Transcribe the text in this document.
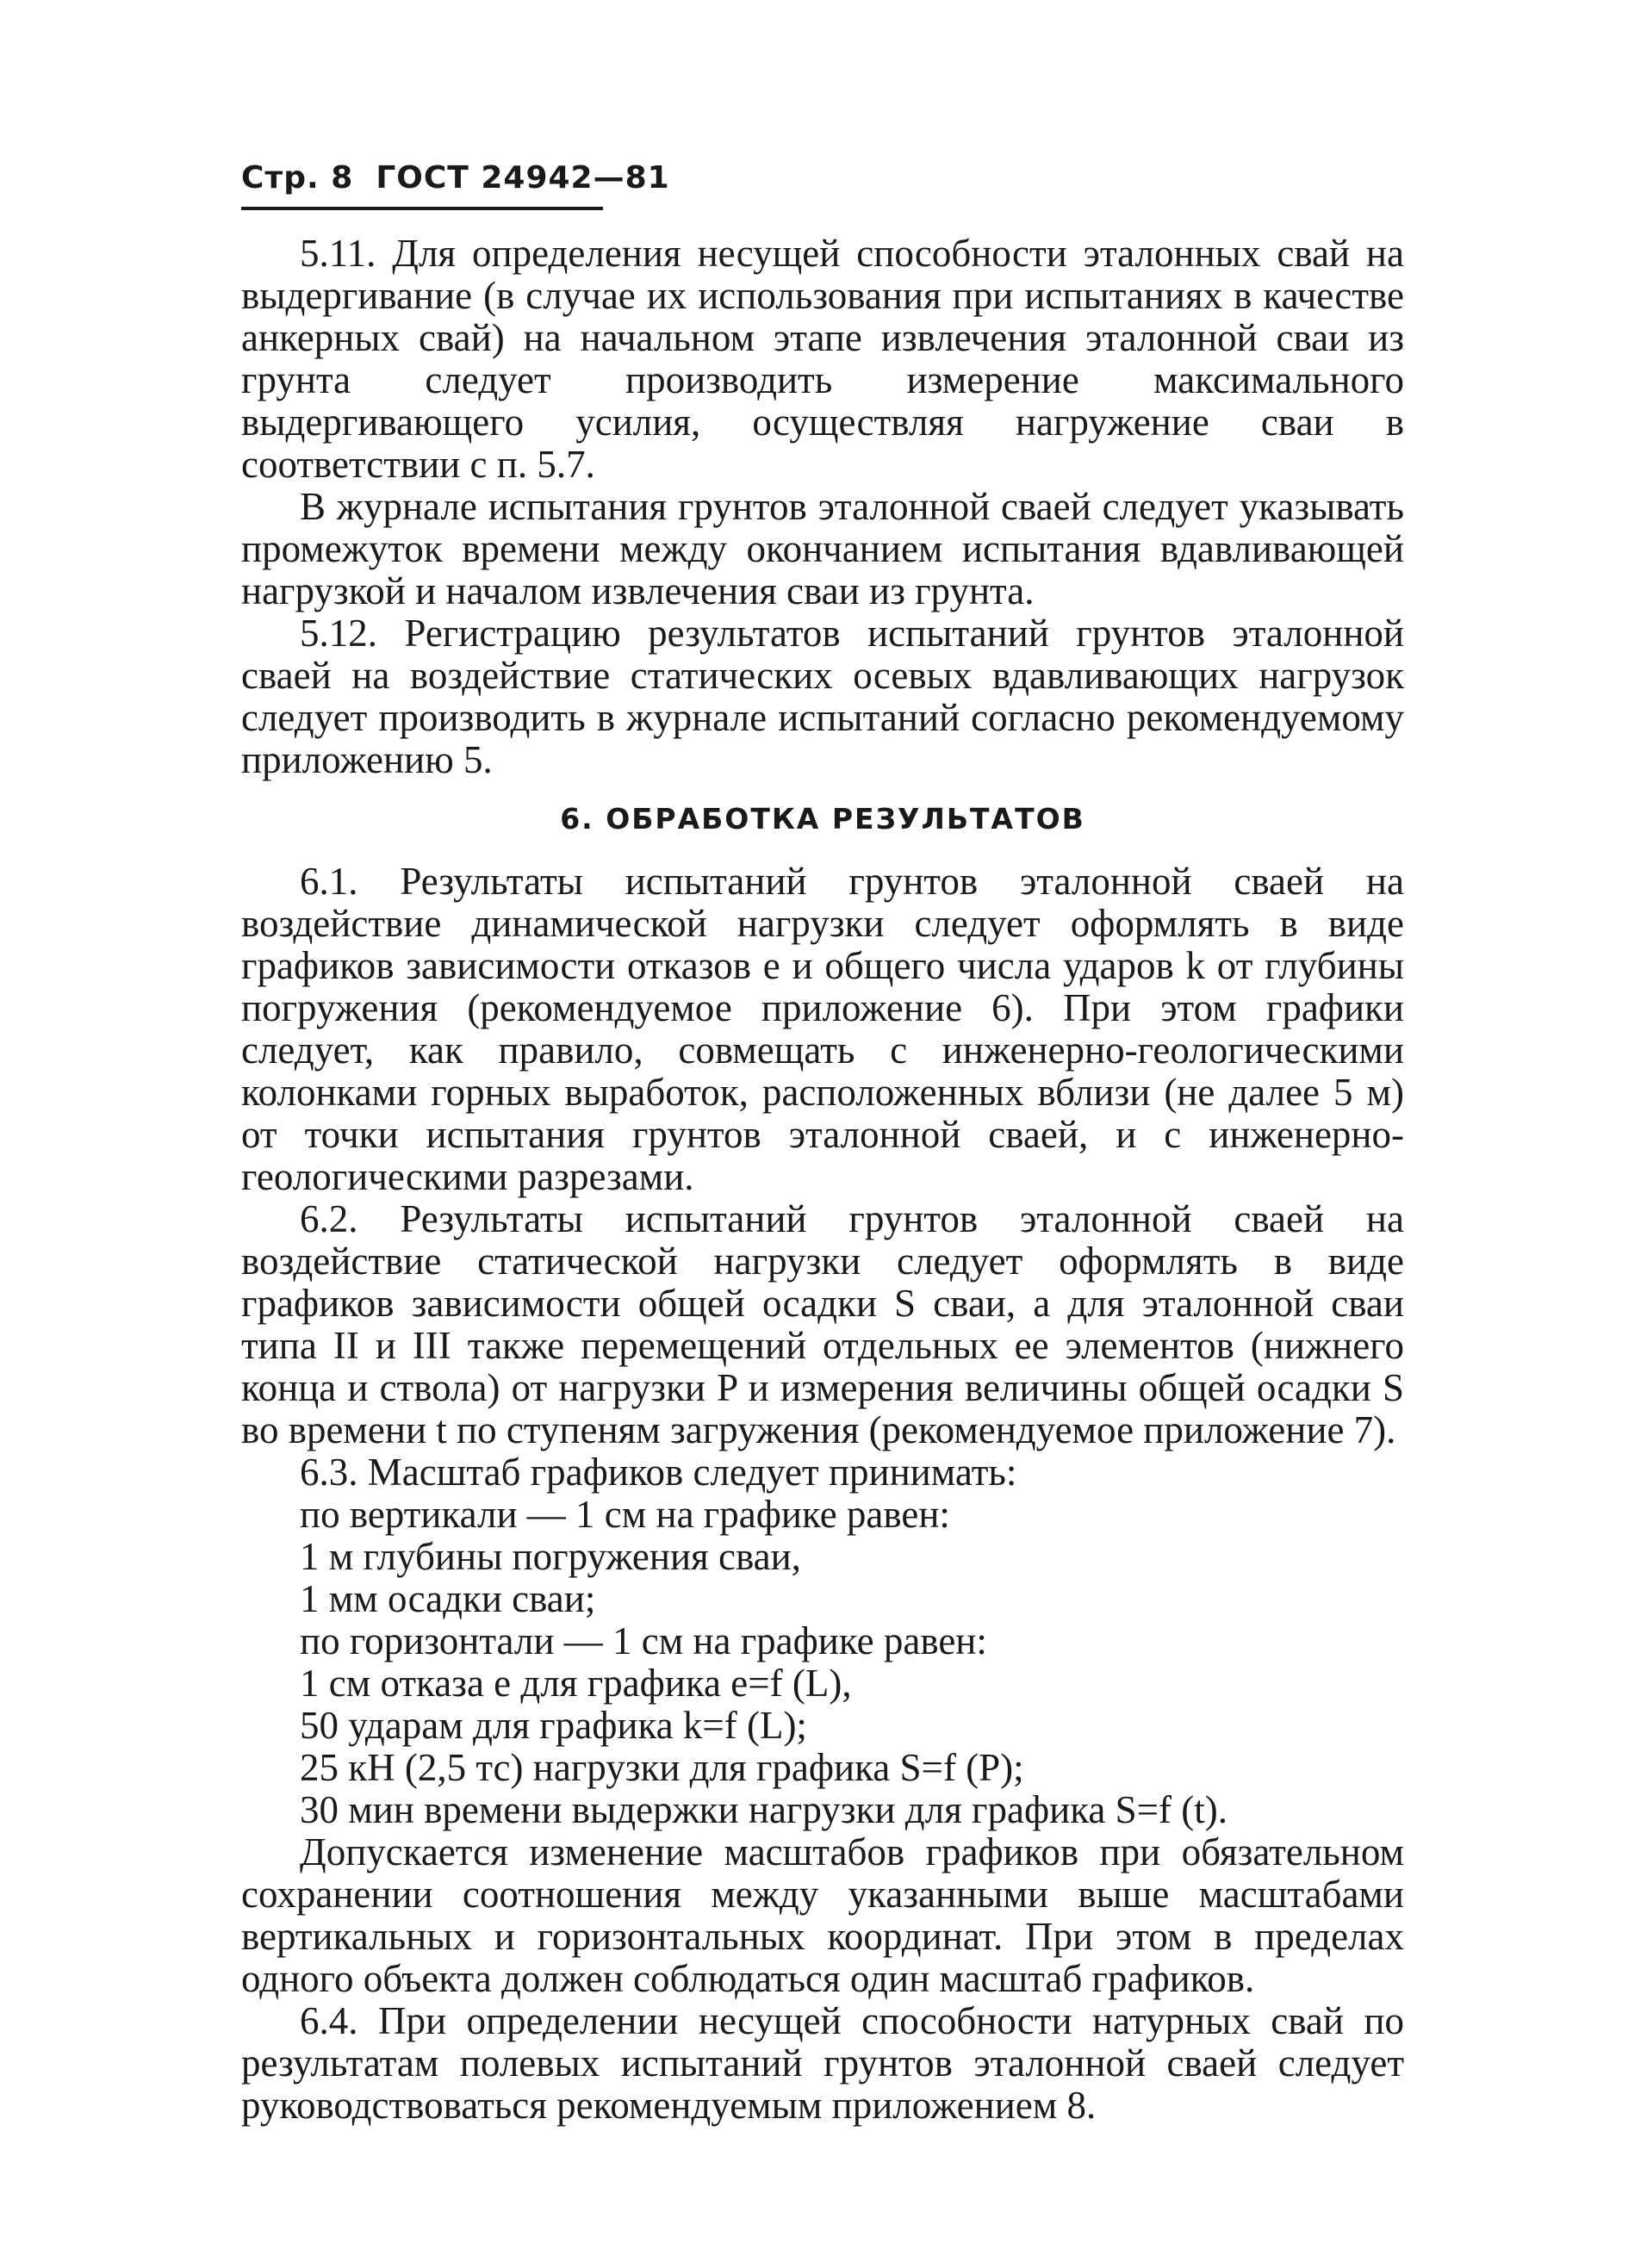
Стр. 8 ГОСТ 24942—81

5.11. Для определения несущей способности эталонных свай на выдергивание (в случае их использования при испытаниях в качестве анкерных свай) на начальном этапе извлечения эталонной сваи из грунта следует производить измерение максимального выдергивающего усилия, осуществляя нагружение сваи в соответствии с п. 5.7.

В журнале испытания грунтов эталонной сваей следует указывать промежуток времени между окончанием испытания вдавливающей нагрузкой и началом извлечения сваи из грунта.

5.12. Регистрацию результатов испытаний грунтов эталонной сваей на воздействие статических осевых вдавливающих нагрузок следует производить в журнале испытаний согласно рекомендуемому приложению 5.

6. ОБРАБОТКА РЕЗУЛЬТАТОВ

6.1. Результаты испытаний грунтов эталонной сваей на воздействие динамической нагрузки следует оформлять в виде графиков зависимости отказов e и общего числа ударов k от глубины погружения (рекомендуемое приложение 6). При этом графики следует, как правило, совмещать с инженерно-геологическими колонками горных выработок, расположенных вблизи (не далее 5 м) от точки испытания грунтов эталонной сваей, и с инженерно-геологическими разрезами.

6.2. Результаты испытаний грунтов эталонной сваей на воздействие статической нагрузки следует оформлять в виде графиков зависимости общей осадки S сваи, а для эталонной сваи типа II и III также перемещений отдельных ее элементов (нижнего конца и ствола) от нагрузки P и измерения величины общей осадки S во времени t по ступеням загружения (рекомендуемое приложение 7).

6.3. Масштаб графиков следует принимать:

по вертикали — 1 см на графике равен:

1 м глубины погружения сваи,

1 мм осадки сваи;

по горизонтали — 1 см на графике равен:

1 см отказа e для графика e=f (L),

50 ударам для графика k=f (L);

25 кН (2,5 тс) нагрузки для графика S=f (P);

30 мин времени выдержки нагрузки для графика S=f (t).

Допускается изменение масштабов графиков при обязательном сохранении соотношения между указанными выше масштабами вертикальных и горизонтальных координат. При этом в пределах одного объекта должен соблюдаться один масштаб графиков.

6.4. При определении несущей способности натурных свай по результатам полевых испытаний грунтов эталонной сваей следует руководствоваться рекомендуемым приложением 8.
